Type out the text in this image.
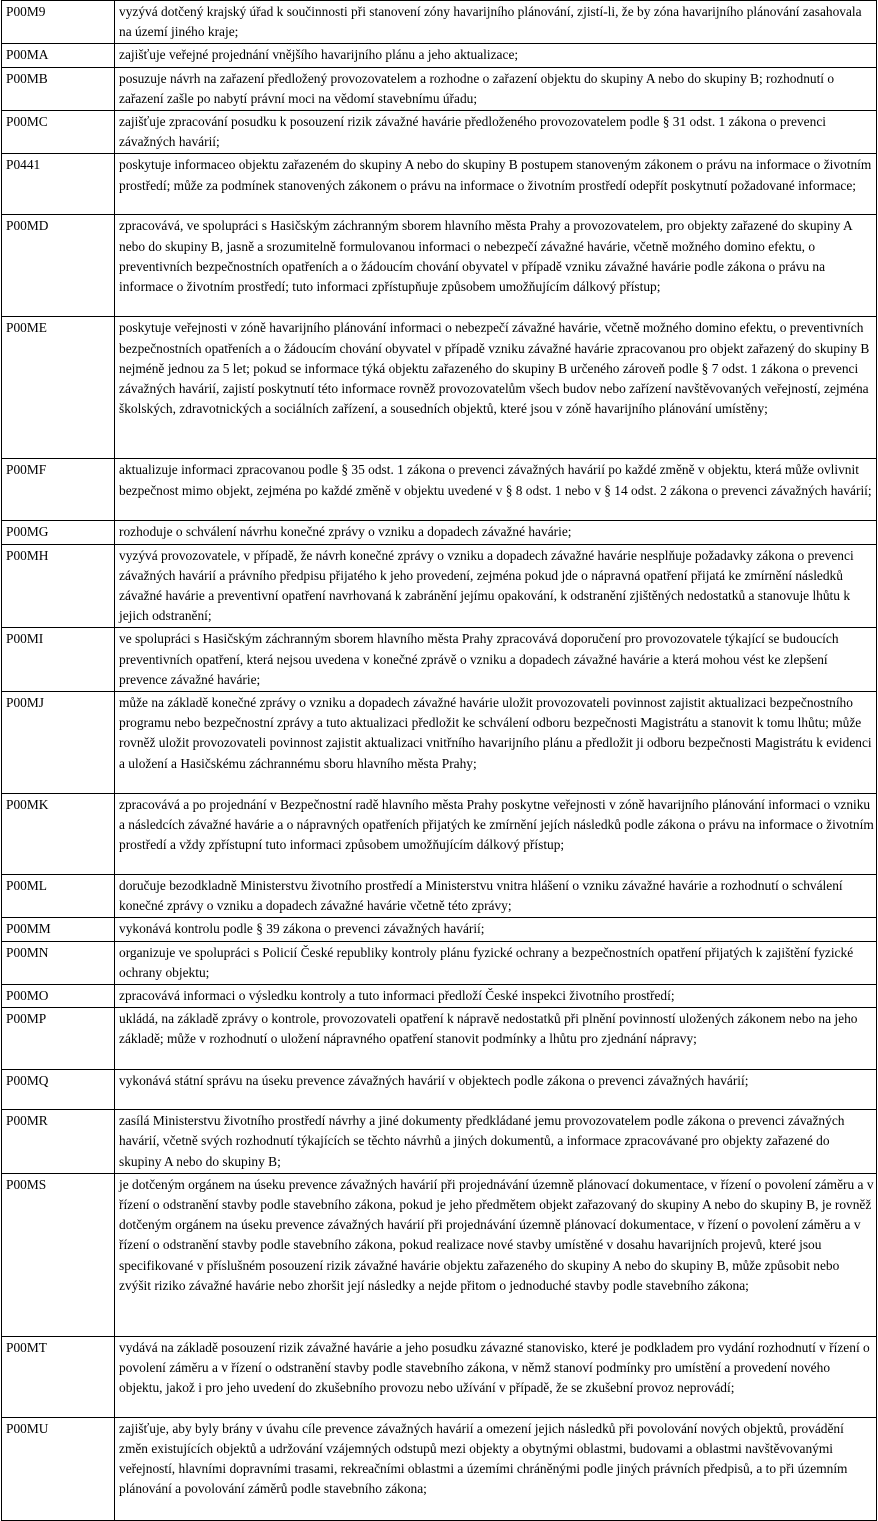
P00M9	vyzývá dotčený krajský úřad k součinnosti při stanovení zóny havarijního plánování, zjistí-li, že by zóna havarijního plánování zasahovala na území jiného kraje;
P00MA	zajišťuje veřejné projednání vnějšího havarijního plánu a jeho aktualizace;
P00MB	posuzuje návrh na zařazení předložený provozovatelem a rozhodne o zařazení objektu do skupiny A nebo do skupiny B; rozhodnutí o zařazení zašle po nabytí právní moci na vědomí stavebnímu úřadu;
P00MC	zajišťuje zpracování posudku k posouzení rizik závažné havárie předloženého provozovatelem podle § 31 odst. 1 zákona o prevenci závažných havárií;
P0441	poskytuje informaceo objektu zařazeném do skupiny A nebo do skupiny B postupem stanoveným zákonem o právu na informace o životním prostředí; může za podmínek stanovených zákonem o právu na informace o životním prostředí odepřít poskytnutí požadované informace;
P00MD	zpracovává, ve spolupráci s Hasičským záchranným sborem hlavního města Prahy a provozovatelem, pro objekty zařazené do skupiny A nebo do skupiny B, jasně a srozumitelně formulovanou informaci o nebezpečí závažné havárie, včetně možného domino efektu, o preventivních bezpečnostních opatřeních a o žádoucím chování obyvatel v případě vzniku závažné havárie podle zákona o právu na informace o životním prostředí; tuto informaci zpřístupňuje způsobem umožňujícím dálkový přístup;
P00ME	poskytuje veřejnosti v zóně havarijního plánování informaci o nebezpečí závažné havárie, včetně možného domino efektu, o preventivních bezpečnostních opatřeních a o žádoucím chování obyvatel v případě vzniku závažné havárie zpracovanou pro objekt zařazený do skupiny B nejméně jednou za 5 let; pokud se informace týká objektu zařazeného do skupiny B určeného zároveň podle § 7 odst. 1 zákona o prevenci závažných havárií, zajistí poskytnutí této informace rovněž provozovatelům všech budov nebo zařízení navštěvovaných veřejností, zejména školských, zdravotnických a sociálních zařízení, a sousedních objektů, které jsou v zóně havarijního plánování umístěny;
P00MF	aktualizuje informaci zpracovanou podle § 35 odst. 1 zákona o prevenci závažných havárií po každé změně v objektu, která může ovlivnit bezpečnost mimo objekt, zejména po každé změně v objektu uvedené v § 8 odst. 1 nebo v § 14 odst. 2 zákona o prevenci závažných havárií;
P00MG	rozhoduje o schválení návrhu konečné zprávy o vzniku a dopadech závažné havárie;
P00MH	vyzývá provozovatele, v případě, že návrh konečné zprávy o vzniku a dopadech závažné havárie nesplňuje požadavky zákona o prevenci závažných havárií a právního předpisu přijatého k jeho provedení, zejména pokud jde o nápravná opatření přijatá ke zmírnění následků závažné havárie a preventivní opatření navrhovaná k zabránění jejímu opakování, k odstranění zjištěných nedostatků a stanovuje lhůtu k jejich odstranění;
P00MI	ve spolupráci s Hasičským záchranným sborem hlavního města Prahy zpracovává doporučení pro provozovatele týkající se budoucích preventivních opatření, která nejsou uvedena v konečné zprávě o vzniku a dopadech závažné havárie a která mohou vést ke zlepšení prevence závažné havárie;
P00MJ	může na základě konečné zprávy o vzniku a dopadech závažné havárie uložit provozovateli povinnost zajistit aktualizaci bezpečnostního programu nebo bezpečnostní zprávy a tuto aktualizaci předložit ke schválení odboru bezpečnosti Magistrátu a stanovit k tomu lhůtu; může rovněž uložit provozovateli povinnost zajistit aktualizaci vnitřního havarijního plánu a předložit ji odboru bezpečnosti Magistrátu k evidenci a uložení a Hasičskému záchrannému sboru hlavního města Prahy;
P00MK	zpracovává a po projednání v Bezpečnostní radě hlavního města Prahy poskytne veřejnosti v zóně havarijního plánování informaci o vzniku a následcích závažné havárie a o nápravných opatřeních přijatých ke zmírnění jejích následků podle zákona o právu na informace o životním prostředí a vždy zpřístupní tuto informaci způsobem umožňujícím dálkový přístup;
P00ML	doručuje bezodkladně Ministerstvu životního prostředí a Ministerstvu vnitra hlášení o vzniku závažné havárie a rozhodnutí o schválení konečné zprávy o vzniku a dopadech závažné havárie včetně této zprávy;
P00MM	vykonává kontrolu podle § 39 zákona o prevenci závažných havárií;
P00MN	organizuje ve spolupráci s Policií České republiky kontroly plánu fyzické ochrany a bezpečnostních opatření přijatých k zajištění fyzické ochrany objektu;
P00MO	zpracovává informaci o výsledku kontroly a tuto informaci předloží České inspekci životního prostředí;
P00MP	ukládá, na základě zprávy o kontrole, provozovateli opatření k nápravě nedostatků při plnění povinností uložených zákonem nebo na jeho základě; může v rozhodnutí o uložení nápravného opatření stanovit podmínky a lhůtu pro zjednání nápravy;
P00MQ	vykonává státní správu na úseku prevence závažných havárií v objektech podle zákona o prevenci závažných havárií;
P00MR	zasílá Ministerstvu životního prostředí návrhy a jiné dokumenty předkládané jemu provozovatelem podle zákona o prevenci závažných havárií, včetně svých rozhodnutí týkajících se těchto návrhů a jiných dokumentů, a informace zpracovávané pro objekty zařazené do skupiny A nebo do skupiny B;
P00MS	je dotčeným orgánem na úseku prevence závažných havárií při projednávání územně plánovací dokumentace, v řízení o povolení záměru a v řízení o odstranění stavby podle stavebního zákona, pokud je jeho předmětem objekt zařazovaný do skupiny A nebo do skupiny B, je rovněž dotčeným orgánem na úseku prevence závažných havárií při projednávání územně plánovací dokumentace, v řízení o povolení záměru a v řízení o odstranění stavby podle stavebního zákona, pokud realizace nové stavby umístěné v dosahu havarijních projevů, které jsou specifikované v příslušném posouzení rizik závažné havárie objektu zařazeného do skupiny A nebo do skupiny B, může způsobit nebo zvýšit riziko závažné havárie nebo zhoršit její následky a nejde přitom o jednoduché stavby podle stavebního zákona;
P00MT	vydává na základě posouzení rizik závažné havárie a jeho posudku závazné stanovisko, které je podkladem pro vydání rozhodnutí v řízení o povolení záměru a v řízení o odstranění stavby podle stavebního zákona, v němž stanoví podmínky pro umístění a provedení nového objektu, jakož i pro jeho uvedení do zkušebního provozu nebo užívání v případě, že se zkušební provoz neprovádí;
P00MU	zajišťuje, aby byly brány v úvahu cíle prevence závažných havárií a omezení jejich následků při povolování nových objektů, provádění změn existujících objektů a udržování vzájemných odstupů mezi objekty a obytnými oblastmi, budovami a oblastmi navštěvovanými veřejností, hlavními dopravními trasami, rekreačními oblastmi a územími chráněnými podle jiných právních předpisů, a to při územním plánování a povolování záměrů podle stavebního zákona;
